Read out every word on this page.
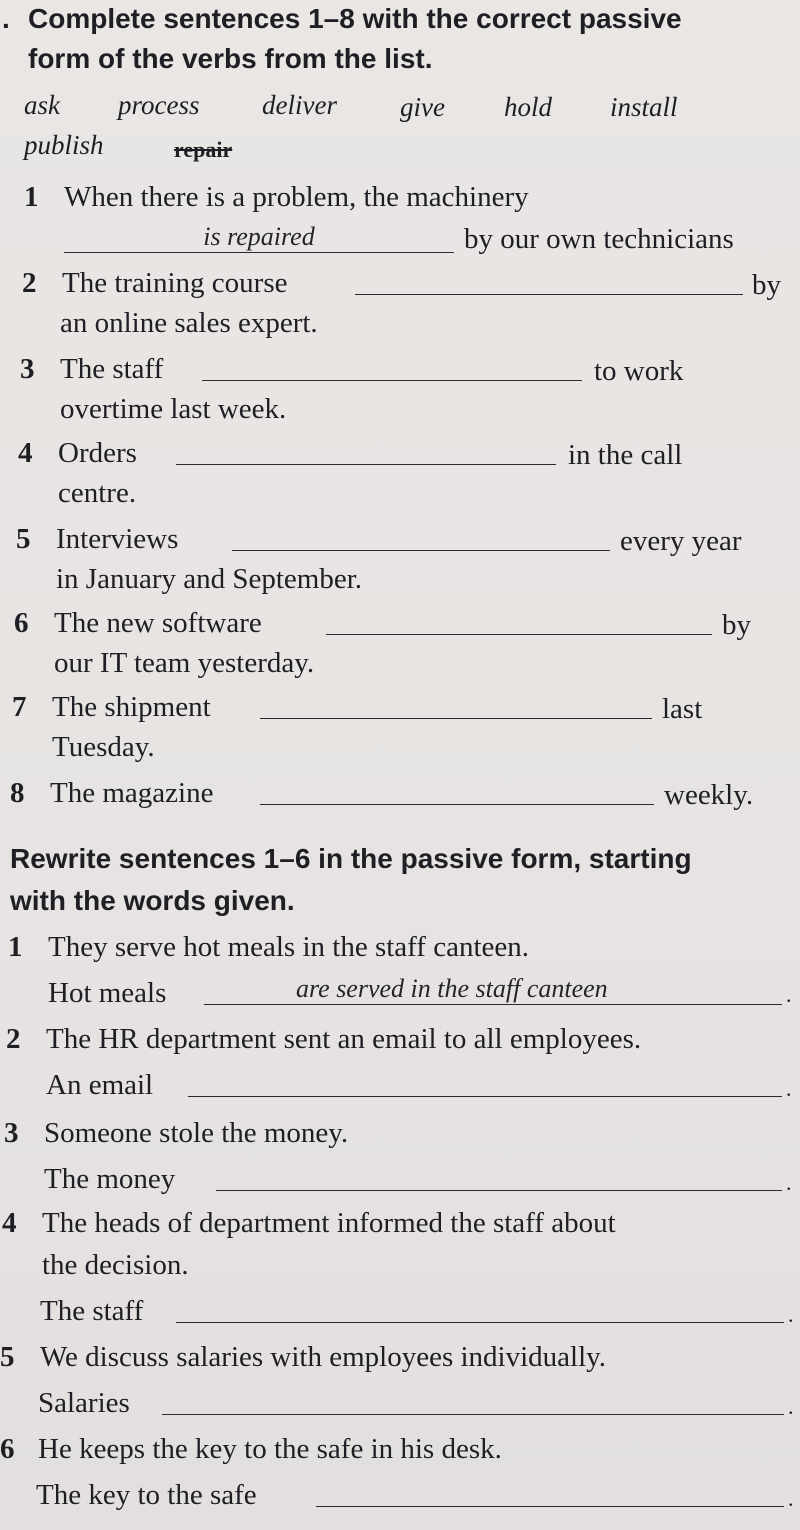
. Complete sentences 1–8 with the correct passive
form of the verbs from the list.
ask process deliver give hold install
publish	repair
1 When there is a problem, the machinery
is repaired	by our own technicians
2 The training course	by
an online sales expert.
3 The staff	to work
overtime last week.
4 Orders	in the call
centre.
5 Interviews	every year
in January and September.
6 The new software	by
our IT team yesterday.
7 The shipment	last
Tuesday.
8 The magazine	weekly.
Rewrite sentences 1–6 in the passive form, starting
with the words given.
1 They serve hot meals in the staff canteen.
Hot meals	are served in the staff canteen	.
2 The HR department sent an email to all employees.
An email	.
3 Someone stole the money.
The money	.
4 The heads of department informed the staff about
the decision.
The staff	.
5 We discuss salaries with employees individually.
Salaries	.
6 He keeps the key to the safe in his desk.
The key to the safe	.
